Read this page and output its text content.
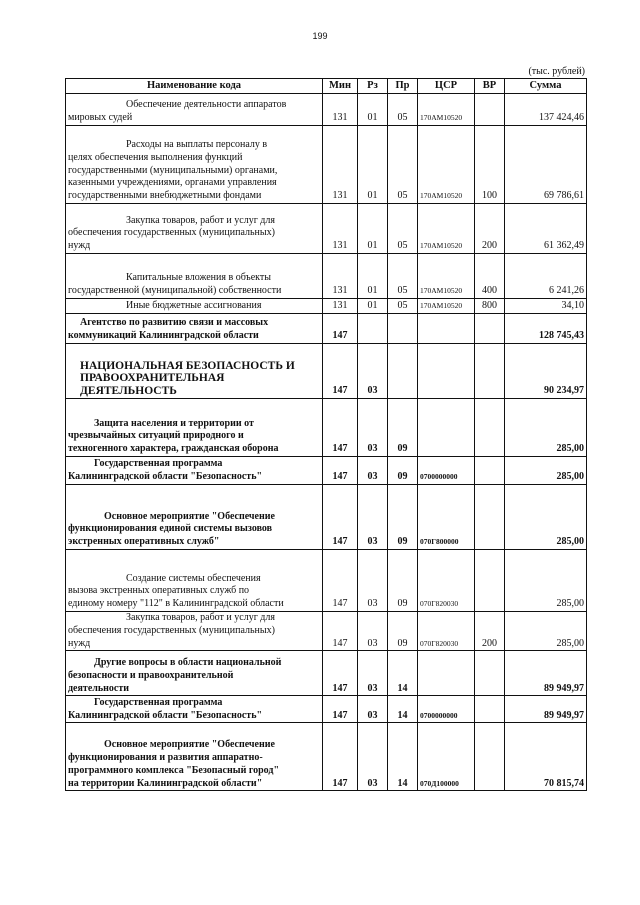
199
(тыс. рублей)
Наименование кода	Мин	Рз	Пр	ЦСР	ВР	Сумма
Обеспечение деятельности аппаратов
мировых судей	131	01	05	170АМ10520		137 424,46
Расходы на выплаты персоналу в
целях обеспечения выполнения функций
государственными (муниципальными) органами,
казенными учреждениями, органами управления
государственными внебюджетными фондами	131	01	05	170АМ10520	100	69 786,61
Закупка товаров, работ и услуг для
обеспечения государственных (муниципальных)
нужд	131	01	05	170АМ10520	200	61 362,49
Капитальные вложения в объекты
государственной (муниципальной) собственности	131	01	05	170АМ10520	400	6 241,26
Иные бюджетные ассигнования	131	01	05	170АМ10520	800	34,10
Агентство по развитию связи и массовых
коммуникаций Калининградской области	147					128 745,43
НАЦИОНАЛЬНАЯ БЕЗОПАСНОСТЬ И
ПРАВООХРАНИТЕЛЬНАЯ ДЕЯТЕЛЬНОСТЬ	147	03				90 234,97
Защита населения и территории от
чрезвычайных ситуаций природного и
техногенного характера, гражданская оборона	147	03	09			285,00
Государственная программа
Калининградской области "Безопасность"	147	03	09	0700000000		285,00
Основное мероприятие "Обеспечение
функционирования единой системы вызовов
экстренных оперативных служб"	147	03	09	070Г800000		285,00
Создание системы обеспечения
вызова экстренных оперативных служб по
единому номеру "112" в Калининградской области	147	03	09	070Г820030		285,00
Закупка товаров, работ и услуг для
обеспечения государственных (муниципальных)
нужд	147	03	09	070Г820030	200	285,00
Другие вопросы в области национальной
безопасности и правоохранительной
деятельности	147	03	14			89 949,97
Государственная программа
Калининградской области "Безопасность"	147	03	14	0700000000		89 949,97
Основное мероприятие "Обеспечение
функционирования и развития аппаратно-
программного комплекса "Безопасный город"
на территории Калининградской области"	147	03	14	070Д100000		70 815,74
